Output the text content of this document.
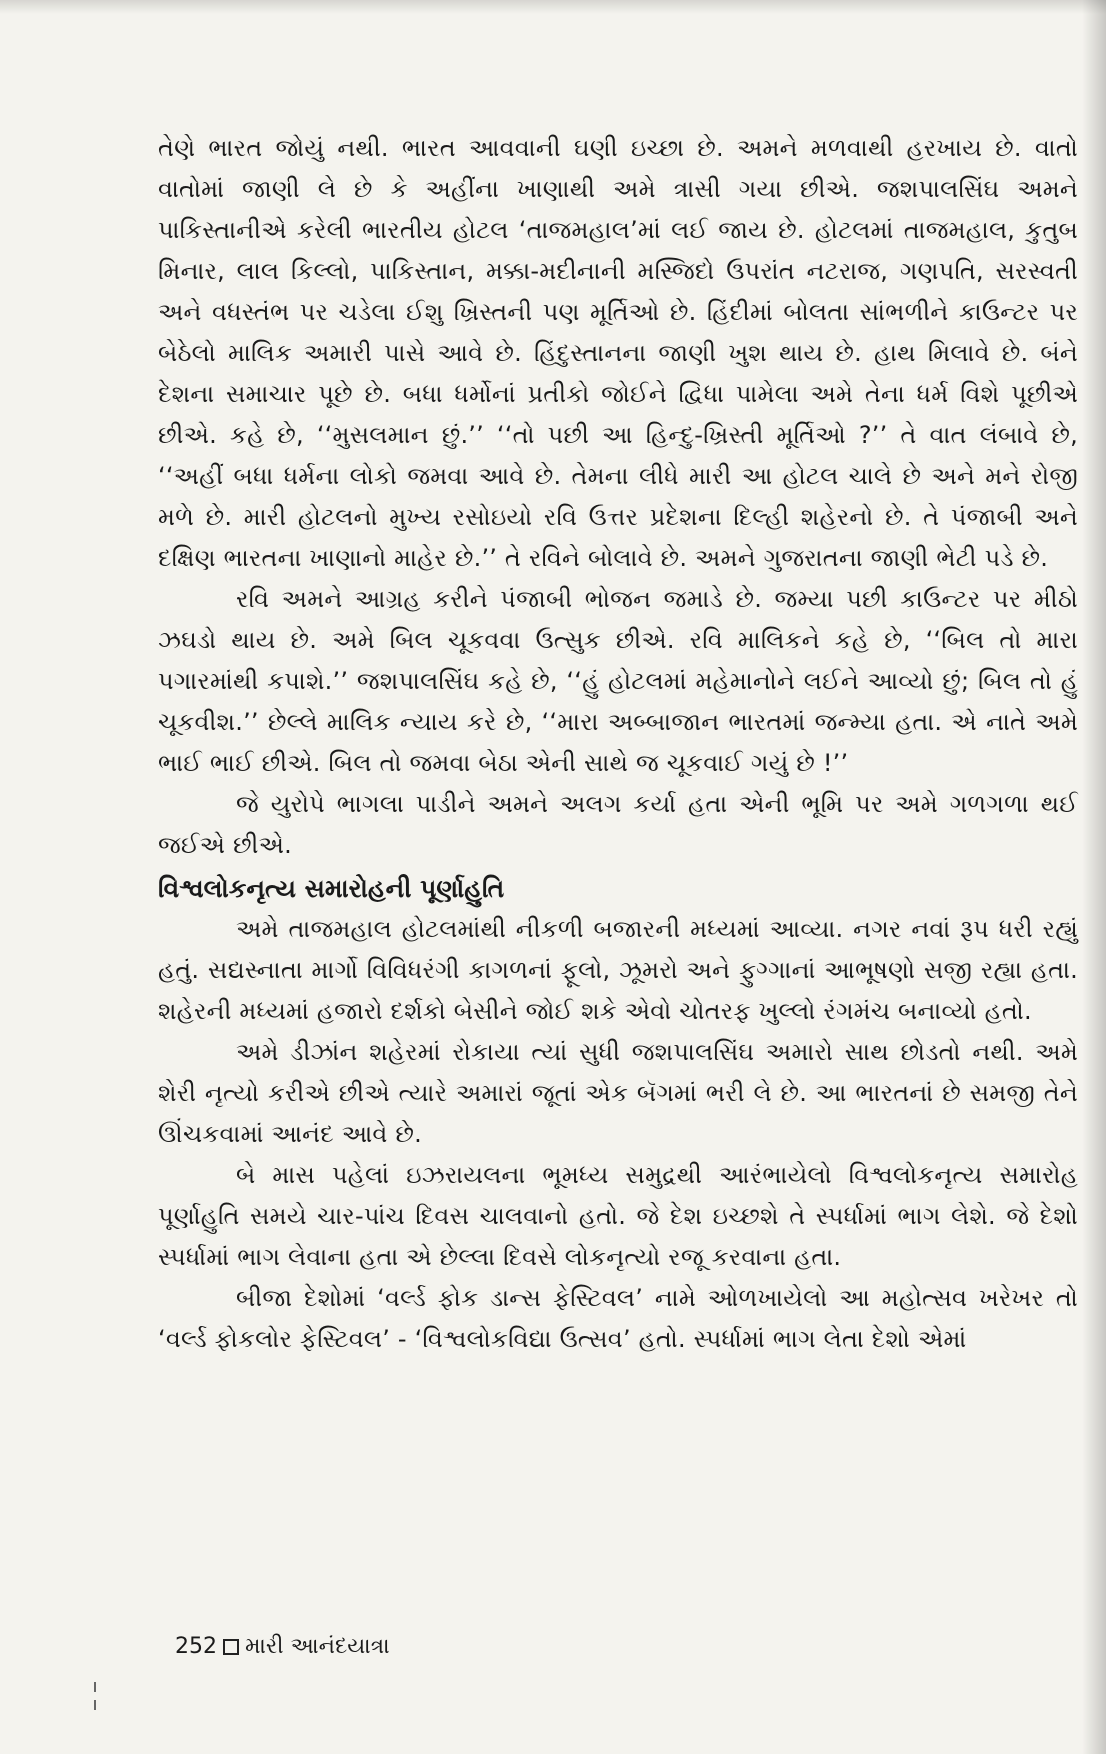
તેણે ભારત જોયું નથી. ભારત આવવાની ઘણી ઇચ્છા છે. અમને મળવાથી હરખાય છે. વાતો વાતોમાં જાણી લે છે કે અહીંના ખાણાથી અમે ત્રાસી ગયા છીએ. જશપાલસિંઘ અમને પાકિસ્તાનીએ કરેલી ભારતીય હોટલ ‘તાજમહાલ’માં લઈ જાય છે. હોટલમાં તાજમહાલ, કુતુબ મિનાર, લાલ કિલ્લો, પાકિસ્તાન, મક્કા-મદીનાની મસ્જિદો ઉપરાંત નટરાજ, ગણપતિ, સરસ્વતી અને વધસ્તંભ પર ચડેલા ઈશુ ખ્રિસ્તની પણ મૂર્તિઓ છે. હિંદીમાં બોલતા સાંભળીને કાઉન્ટર પર બેઠેલો માલિક અમારી પાસે આવે છે. હિંદુસ્તાનના જાણી ખુશ થાય છે. હાથ મિલાવે છે. બંને દેશના સમાચાર પૂછે છે. બધા ધર્મોનાં પ્રતીકો જોઈને દ્વિધા પામેલા અમે તેના ધર્મ વિશે પૂછીએ છીએ. કહે છે, ‘‘મુસલમાન છું.’’ ‘‘તો પછી આ હિન્દુ-ખ્રિસ્તી મૂર્તિઓ ?’’ તે વાત લંબાવે છે, ‘‘અહીં બધા ધર્મના લોકો જમવા આવે છે. તેમના લીધે મારી આ હોટલ ચાલે છે અને મને રોજી મળે છે. મારી હોટલનો મુખ્ય રસોઇયો રવિ ઉત્તર પ્રદેશના દિલ્હી શહેરનો છે. તે પંજાબી અને દક્ષિણ ભારતના ખાણાનો માહેર છે.’’ તે રવિને બોલાવે છે. અમને ગુજરાતના જાણી ભેટી પડે છે.

રવિ અમને આગ્રહ કરીને પંજાબી ભોજન જમાડે છે. જમ્યા પછી કાઉન્ટર પર મીઠો ઝઘડો થાય છે. અમે બિલ ચૂકવવા ઉત્સુક છીએ. રવિ માલિકને કહે છે, ‘‘બિલ તો મારા પગારમાંથી કપાશે.’’ જશપાલસિંઘ કહે છે, ‘‘હું હોટલમાં મહેમાનોને લઈને આવ્યો છું; બિલ તો હું ચૂકવીશ.’’ છેલ્લે માલિક ન્યાય કરે છે, ‘‘મારા અબ્બાજાન ભારતમાં જન્મ્યા હતા. એ નાતે અમે ભાઈ ભાઈ છીએ. બિલ તો જમવા બેઠા એની સાથે જ ચૂકવાઈ ગયું છે !’’

જે યુરોપે ભાગલા પાડીને અમને અલગ કર્યા હતા એની ભૂમિ પર અમે ગળગળા થઈ જઈએ છીએ.

વિશ્વલોકનૃત્ય સમારોહની પૂર્ણાહુતિ

અમે તાજમહાલ હોટલમાંથી નીકળી બજારની મધ્યમાં આવ્યા. નગર નવાં રૂપ ધરી રહ્યું હતું. સદ્યસ્નાતા માર્ગો વિવિધરંગી કાગળનાં ફૂલો, ઝૂમરો અને ફુગ્ગાનાં આભૂષણો સજી રહ્યા હતા. શહેરની મધ્યમાં હજારો દર્શકો બેસીને જોઈ શકે એવો ચોતરફ ખુલ્લો રંગમંચ બનાવ્યો હતો.

અમે ડીઝાંન શહેરમાં રોકાયા ત્યાં સુધી જશપાલસિંઘ અમારો સાથ છોડતો નથી. અમે શેરી નૃત્યો કરીએ છીએ ત્યારે અમારાં જૂતાં એક બૅગમાં ભરી લે છે. આ ભારતનાં છે સમજી તેને ઊંચકવામાં આનંદ આવે છે.

બે માસ પહેલાં ઇઝરાયલના ભૂમધ્ય સમુદ્રથી આરંભાયેલો વિશ્વલોકનૃત્ય સમારોહ પૂર્ણાહુતિ સમયે ચાર-પાંચ દિવસ ચાલવાનો હતો. જે દેશ ઇચ્છશે તે સ્પર્ધામાં ભાગ લેશે. જે દેશો સ્પર્ધામાં ભાગ લેવાના હતા એ છેલ્લા દિવસે લોકનૃત્યો રજૂ કરવાના હતા.

બીજા દેશોમાં ‘વર્લ્ડ ફોક ડાન્સ ફેસ્ટિવલ’ નામે ઓળખાયેલો આ મહોત્સવ ખરેખર તો ‘વર્લ્ડ ફોકલોર ફેસ્ટિવલ’ - ‘વિશ્વલોકવિદ્યા ઉત્સવ’ હતો. સ્પર્ધામાં ભાગ લેતા દેશો એમાં

252 મારી આનંદયાત્રા
